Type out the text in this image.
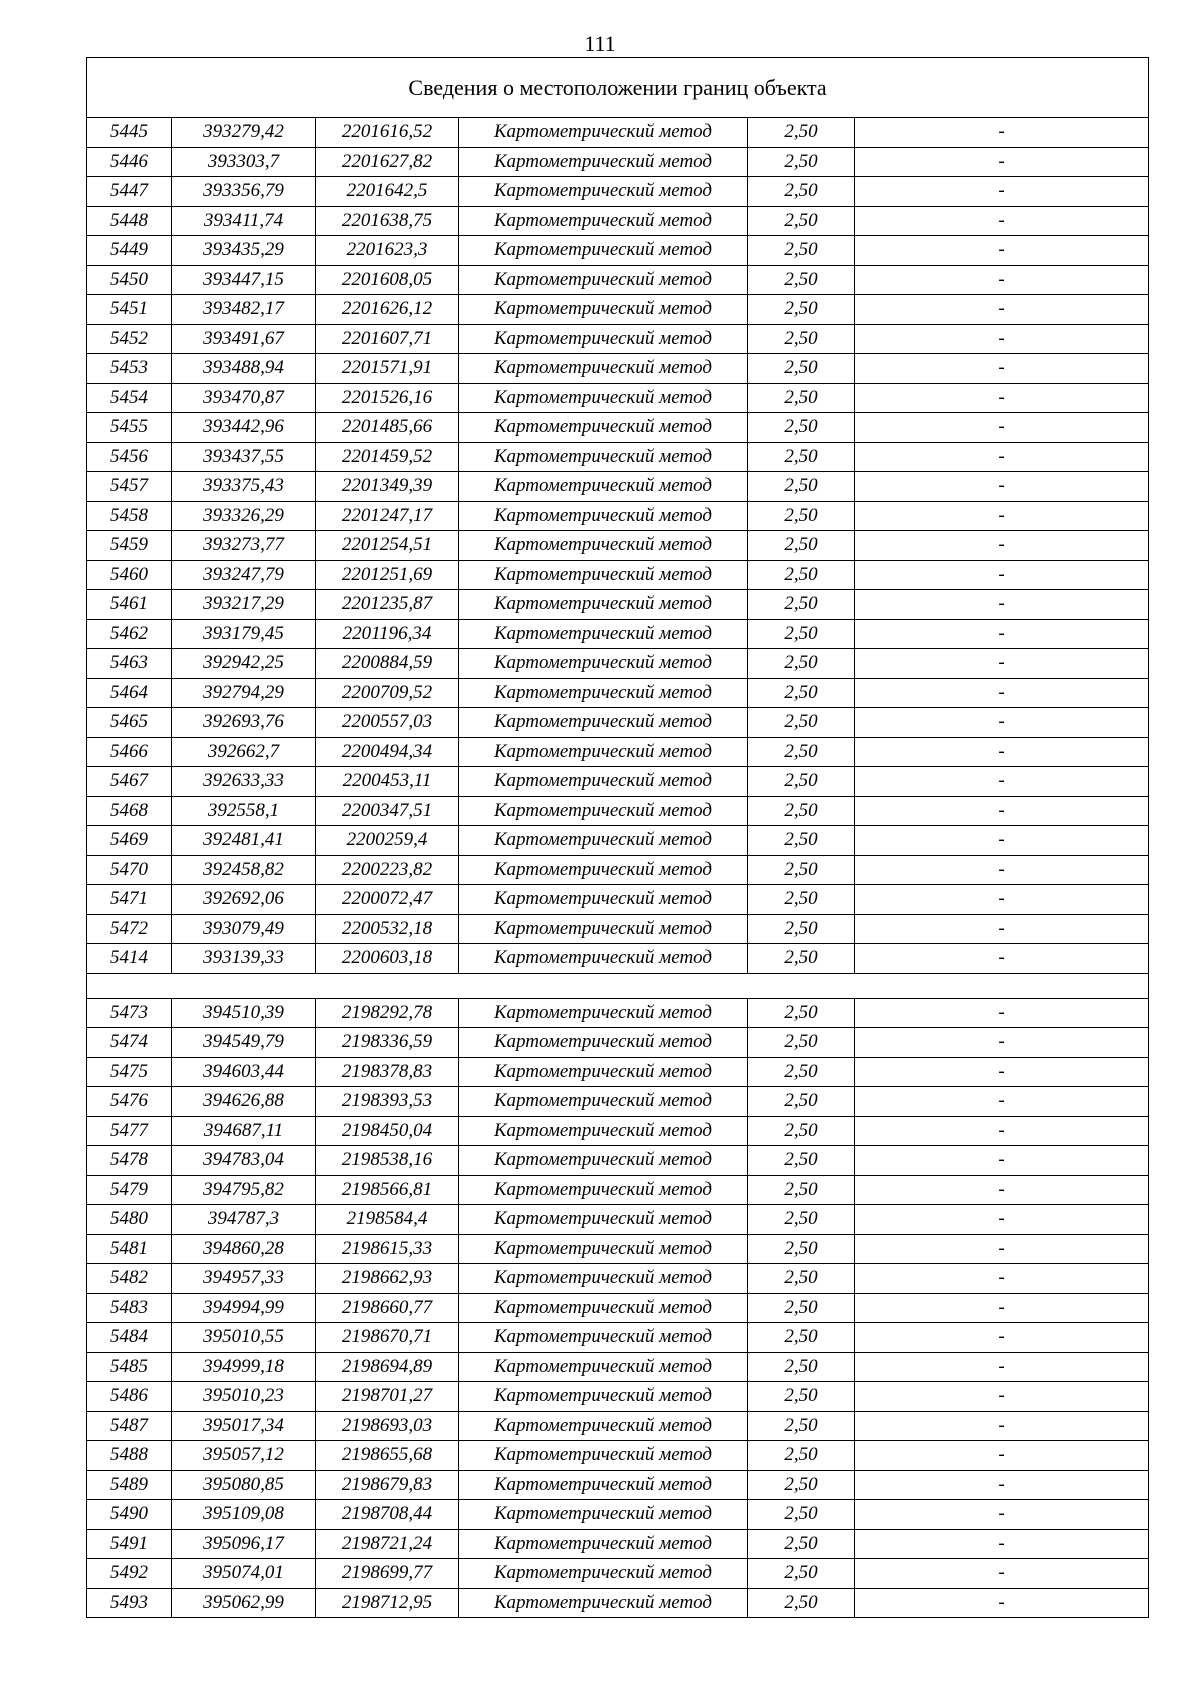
111
Сведения о местоположении границ объекта					
5445	393279,42	2201616,52	Картометрический метод	2,50	-
5446	393303,7	2201627,82	Картометрический метод	2,50	-
5447	393356,79	2201642,5	Картометрический метод	2,50	-
5448	393411,74	2201638,75	Картометрический метод	2,50	-
5449	393435,29	2201623,3	Картометрический метод	2,50	-
5450	393447,15	2201608,05	Картометрический метод	2,50	-
5451	393482,17	2201626,12	Картометрический метод	2,50	-
5452	393491,67	2201607,71	Картометрический метод	2,50	-
5453	393488,94	2201571,91	Картометрический метод	2,50	-
5454	393470,87	2201526,16	Картометрический метод	2,50	-
5455	393442,96	2201485,66	Картометрический метод	2,50	-
5456	393437,55	2201459,52	Картометрический метод	2,50	-
5457	393375,43	2201349,39	Картометрический метод	2,50	-
5458	393326,29	2201247,17	Картометрический метод	2,50	-
5459	393273,77	2201254,51	Картометрический метод	2,50	-
5460	393247,79	2201251,69	Картометрический метод	2,50	-
5461	393217,29	2201235,87	Картометрический метод	2,50	-
5462	393179,45	2201196,34	Картометрический метод	2,50	-
5463	392942,25	2200884,59	Картометрический метод	2,50	-
5464	392794,29	2200709,52	Картометрический метод	2,50	-
5465	392693,76	2200557,03	Картометрический метод	2,50	-
5466	392662,7	2200494,34	Картометрический метод	2,50	-
5467	392633,33	2200453,11	Картометрический метод	2,50	-
5468	392558,1	2200347,51	Картометрический метод	2,50	-
5469	392481,41	2200259,4	Картометрический метод	2,50	-
5470	392458,82	2200223,82	Картометрический метод	2,50	-
5471	392692,06	2200072,47	Картометрический метод	2,50	-
5472	393079,49	2200532,18	Картометрический метод	2,50	-
5414	393139,33	2200603,18	Картометрический метод	2,50	-

5473	394510,39	2198292,78	Картометрический метод	2,50	-
5474	394549,79	2198336,59	Картометрический метод	2,50	-
5475	394603,44	2198378,83	Картометрический метод	2,50	-
5476	394626,88	2198393,53	Картометрический метод	2,50	-
5477	394687,11	2198450,04	Картометрический метод	2,50	-
5478	394783,04	2198538,16	Картометрический метод	2,50	-
5479	394795,82	2198566,81	Картометрический метод	2,50	-
5480	394787,3	2198584,4	Картометрический метод	2,50	-
5481	394860,28	2198615,33	Картометрический метод	2,50	-
5482	394957,33	2198662,93	Картометрический метод	2,50	-
5483	394994,99	2198660,77	Картометрический метод	2,50	-
5484	395010,55	2198670,71	Картометрический метод	2,50	-
5485	394999,18	2198694,89	Картометрический метод	2,50	-
5486	395010,23	2198701,27	Картометрический метод	2,50	-
5487	395017,34	2198693,03	Картометрический метод	2,50	-
5488	395057,12	2198655,68	Картометрический метод	2,50	-
5489	395080,85	2198679,83	Картометрический метод	2,50	-
5490	395109,08	2198708,44	Картометрический метод	2,50	-
5491	395096,17	2198721,24	Картометрический метод	2,50	-
5492	395074,01	2198699,77	Картометрический метод	2,50	-
5493	395062,99	2198712,95	Картометрический метод	2,50	-
